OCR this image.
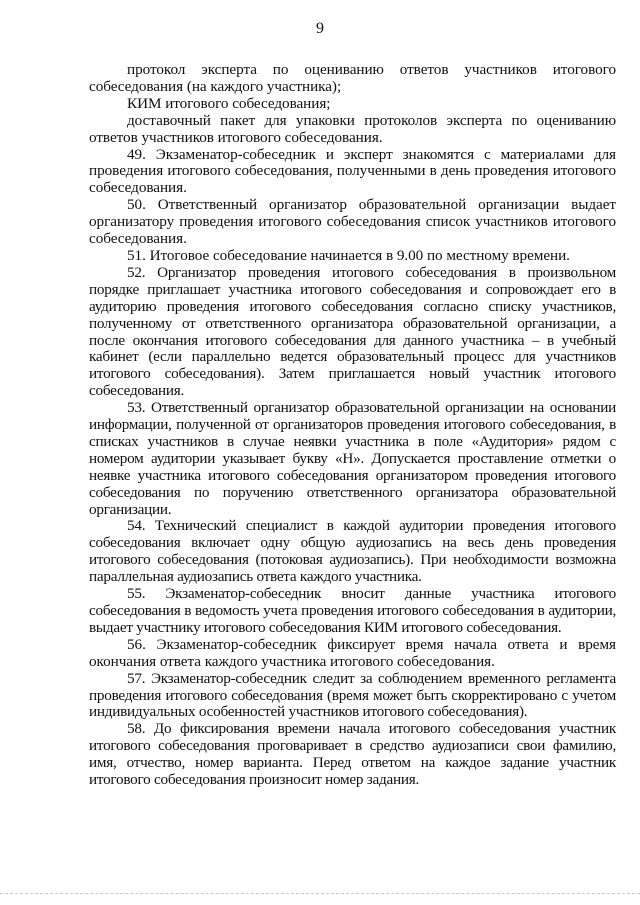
9

протокол эксперта по оцениванию ответов участников итогового собеседования (на каждого участника);

КИМ итогового собеседования;

доставочный пакет для упаковки протоколов эксперта по оцениванию ответов участников итогового собеседования.

49. Экзаменатор-собеседник и эксперт знакомятся с материалами для проведения итогового собеседования, полученными в день проведения итогового собеседования.

50. Ответственный организатор образовательной организации выдает организатору проведения итогового собеседования список участников итогового собеседования.

51. Итоговое собеседование начинается в 9.00 по местному времени.

52. Организатор проведения итогового собеседования в произвольном порядке приглашает участника итогового собеседования и сопровождает его в аудиторию проведения итогового собеседования согласно списку участников, полученному от ответственного организатора образовательной организации, а после окончания итогового собеседования для данного участника – в учебный кабинет (если параллельно ведется образовательный процесс для участников итогового собеседования). Затем приглашается новый участник итогового собеседования.

53. Ответственный организатор образовательной организации на основании информации, полученной от организаторов проведения итогового собеседования, в списках участников в случае неявки участника в поле «Аудитория» рядом с номером аудитории указывает букву «Н». Допускается проставление отметки о неявке участника итогового собеседования организатором проведения итогового собеседования по поручению ответственного организатора образовательной организации.

54. Технический специалист в каждой аудитории проведения итогового собеседования включает одну общую аудиозапись на весь день проведения итогового собеседования (потоковая аудиозапись). При необходимости возможна параллельная аудиозапись ответа каждого участника.

55. Экзаменатор-собеседник вносит данные участника итогового собеседования в ведомость учета проведения итогового собеседования в аудитории, выдает участнику итогового собеседования КИМ итогового собеседования.

56. Экзаменатор-собеседник фиксирует время начала ответа и время окончания ответа каждого участника итогового собеседования.

57. Экзаменатор-собеседник следит за соблюдением временного регламента проведения итогового собеседования (время может быть скорректировано с учетом индивидуальных особенностей участников итогового собеседования).

58. До фиксирования времени начала итогового собеседования участник итогового собеседования проговаривает в средство аудиозаписи свои фамилию, имя, отчество, номер варианта. Перед ответом на каждое задание участник итогового собеседования произносит номер задания.
